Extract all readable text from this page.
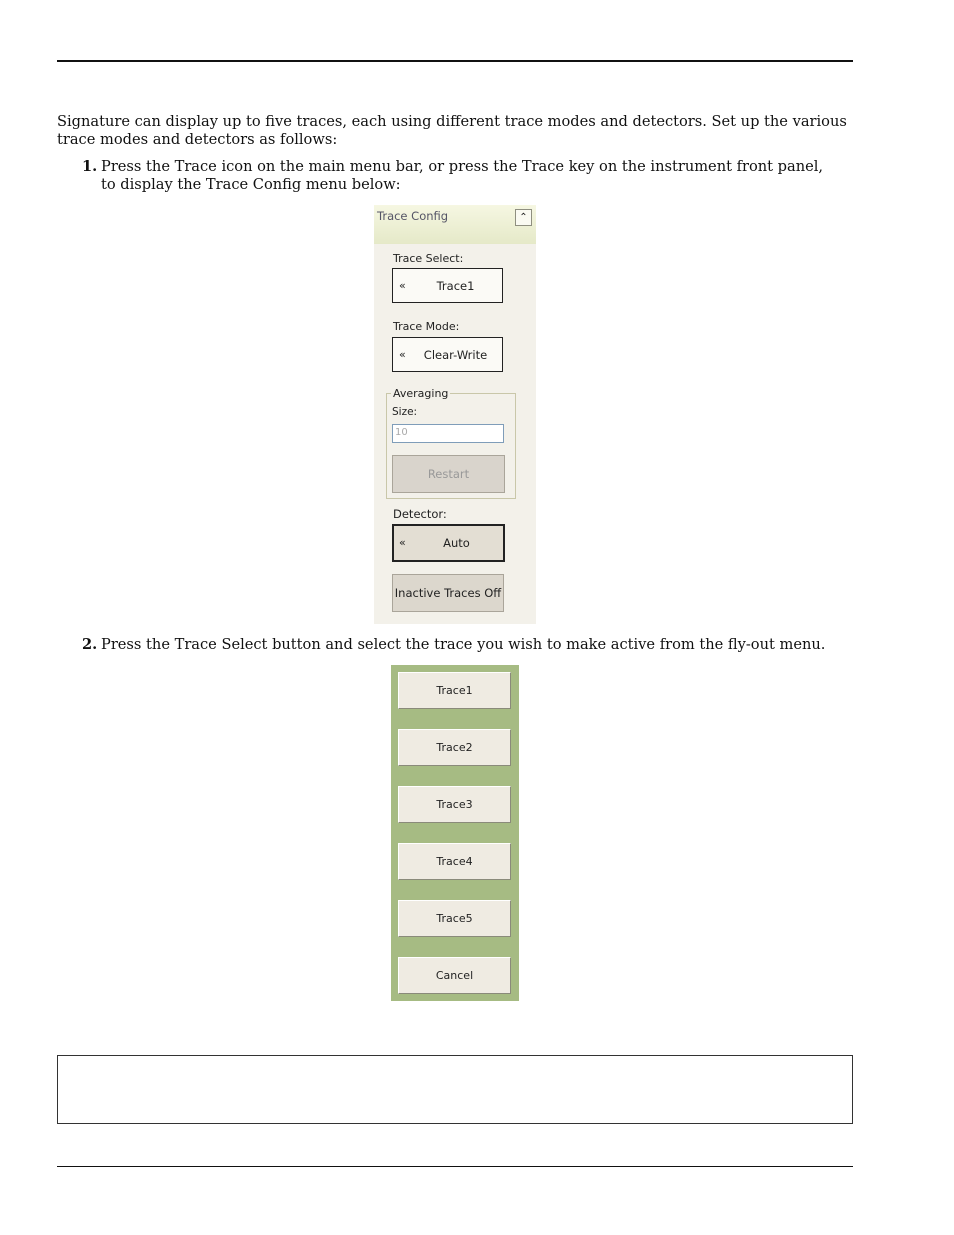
Signature can display up to five traces, each using different trace modes and detectors. Set up the various trace modes and detectors as follows:

1. Press the Trace icon on the main menu bar, or press the Trace key on the instrument front panel, to display the Trace Config menu below:

Trace Config	⌃
Trace Select:
«	Trace1
Trace Mode:
«	Clear-Write
Averaging
Size:
10
Restart
Detector:
«	Auto
Inactive Traces Off

2. Press the Trace Select button and select the trace you wish to make active from the fly-out menu.

Trace1
Trace2
Trace3
Trace4
Trace5
Cancel
